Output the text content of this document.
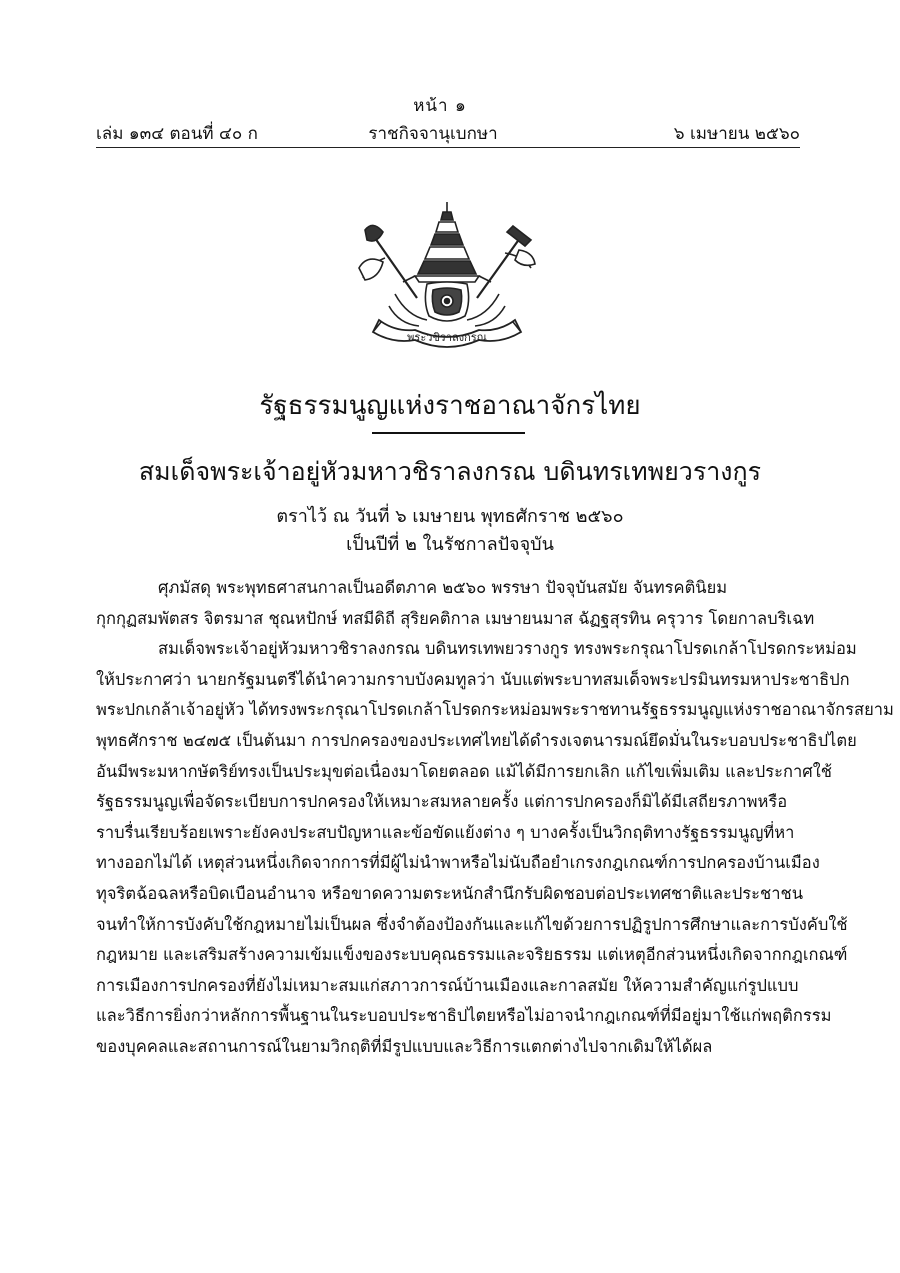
หน้า ๑
เล่ม ๑๓๔ ตอนที่ ๔๐ ก	ราชกิจจานุเบกษา	๖ เมษายน ๒๕๖๐
พระวชิราลงกรณ
รัฐธรรมนูญแห่งราชอาณาจักรไทย
สมเด็จพระเจ้าอยู่หัวมหาวชิราลงกรณ บดินทรเทพยวรางกูร
ตราไว้ ณ วันที่ ๖ เมษายน พุทธศักราช ๒๕๖๐
เป็นปีที่ ๒ ในรัชกาลปัจจุบัน
ศุภมัสดุ พระพุทธศาสนกาลเป็นอดีตภาค ๒๕๖๐ พรรษา ปัจจุบันสมัย จันทรคตินิยม
กุกกุฏสมพัตสร จิตรมาส ชุณหปักษ์ ทสมีดิถี สุริยคติกาล เมษายนมาส ฉัฏฐสุรทิน ครุวาร โดยกาลบริเฉท
สมเด็จพระเจ้าอยู่หัวมหาวชิราลงกรณ บดินทรเทพยวรางกูร ทรงพระกรุณาโปรดเกล้าโปรดกระหม่อม
ให้ประกาศว่า นายกรัฐมนตรีได้นำความกราบบังคมทูลว่า นับแต่พระบาทสมเด็จพระปรมินทรมหาประชาธิปก
พระปกเกล้าเจ้าอยู่หัว ได้ทรงพระกรุณาโปรดเกล้าโปรดกระหม่อมพระราชทานรัฐธรรมนูญแห่งราชอาณาจักรสยาม
พุทธศักราช ๒๔๗๕ เป็นต้นมา การปกครองของประเทศไทยได้ดำรงเจตนารมณ์ยึดมั่นในระบอบประชาธิปไตย
อันมีพระมหากษัตริย์ทรงเป็นประมุขต่อเนื่องมาโดยตลอด แม้ได้มีการยกเลิก แก้ไขเพิ่มเติม และประกาศใช้
รัฐธรรมนูญเพื่อจัดระเบียบการปกครองให้เหมาะสมหลายครั้ง แต่การปกครองก็มิได้มีเสถียรภาพหรือ
ราบรื่นเรียบร้อยเพราะยังคงประสบปัญหาและข้อขัดแย้งต่าง ๆ บางครั้งเป็นวิกฤติทางรัฐธรรมนูญที่หา
ทางออกไม่ได้ เหตุส่วนหนึ่งเกิดจากการที่มีผู้ไม่นำพาหรือไม่นับถือยำเกรงกฎเกณฑ์การปกครองบ้านเมือง
ทุจริตฉ้อฉลหรือบิดเบือนอำนาจ หรือขาดความตระหนักสำนึกรับผิดชอบต่อประเทศชาติและประชาชน
จนทำให้การบังคับใช้กฎหมายไม่เป็นผล ซึ่งจำต้องป้องกันและแก้ไขด้วยการปฏิรูปการศึกษาและการบังคับใช้
กฎหมาย และเสริมสร้างความเข้มแข็งของระบบคุณธรรมและจริยธรรม แต่เหตุอีกส่วนหนึ่งเกิดจากกฎเกณฑ์
การเมืองการปกครองที่ยังไม่เหมาะสมแก่สภาวการณ์บ้านเมืองและกาลสมัย ให้ความสำคัญแก่รูปแบบ
และวิธีการยิ่งกว่าหลักการพื้นฐานในระบอบประชาธิปไตยหรือไม่อาจนำกฎเกณฑ์ที่มีอยู่มาใช้แก่พฤติกรรม
ของบุคคลและสถานการณ์ในยามวิกฤติที่มีรูปแบบและวิธีการแตกต่างไปจากเดิมให้ได้ผล
